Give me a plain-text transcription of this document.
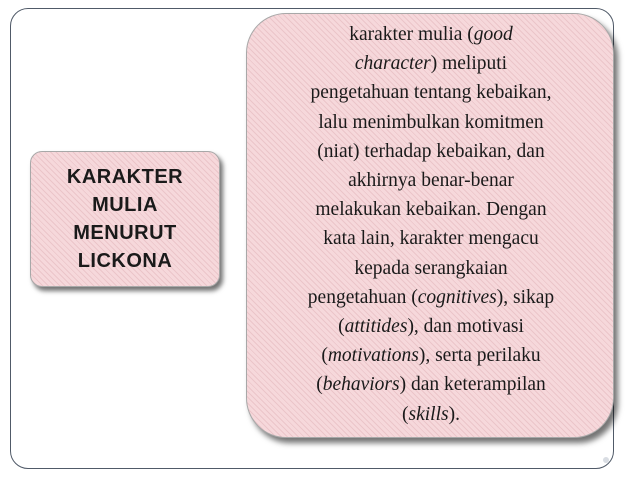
KARAKTER
MULIA
MENURUT
LICKONA
karakter mulia (good
character) meliputi
pengetahuan tentang kebaikan,
lalu menimbulkan komitmen
(niat) terhadap kebaikan, dan
akhirnya benar-benar
melakukan kebaikan. Dengan
kata lain, karakter mengacu
kepada serangkaian
pengetahuan (cognitives), sikap
(attitides), dan motivasi
(motivations), serta perilaku
(behaviors) dan keterampilan
(skills).
